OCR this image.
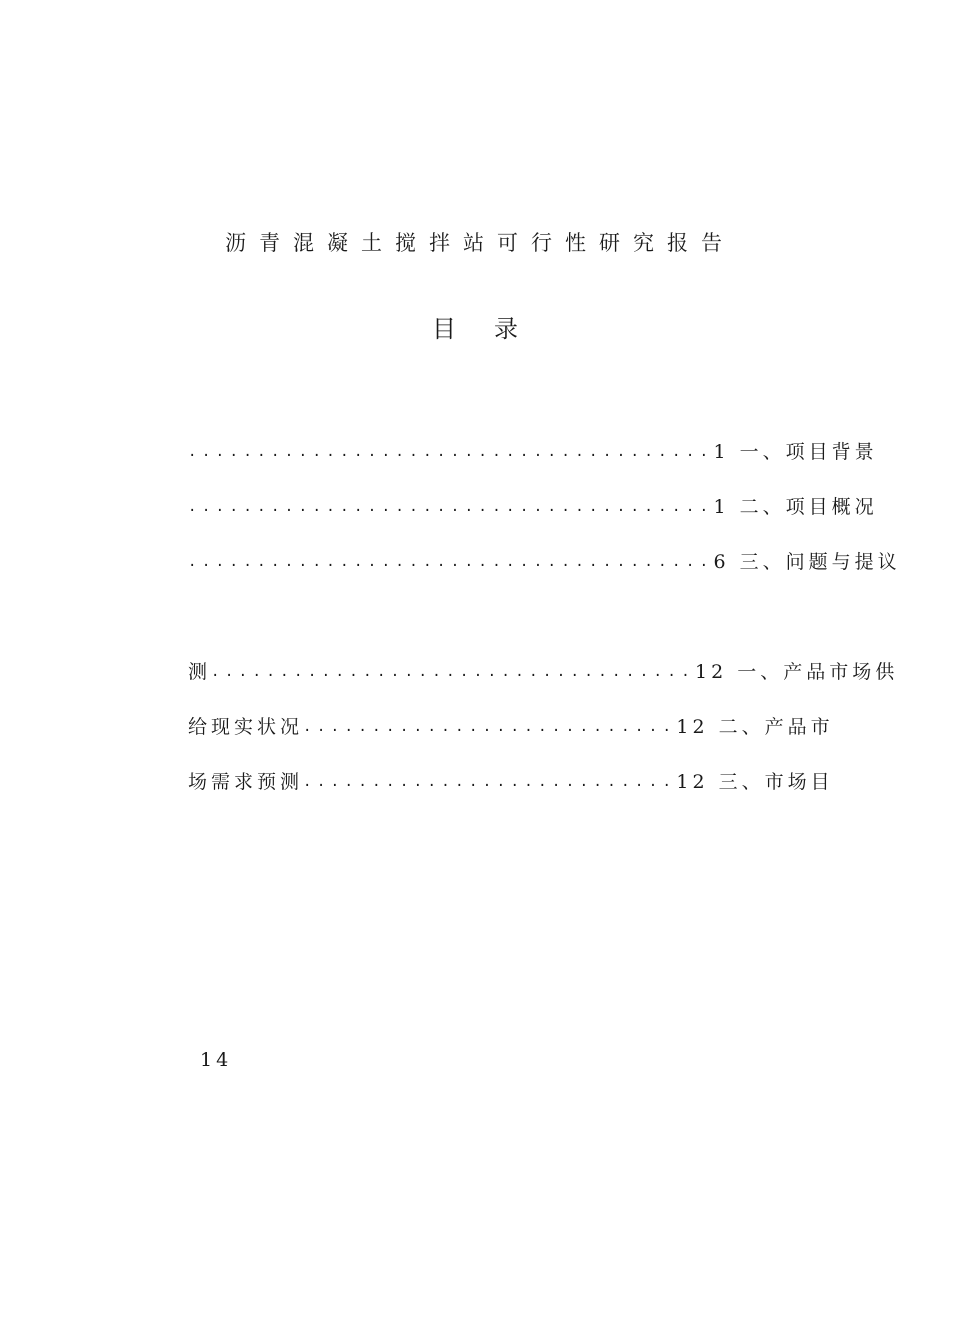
沥青混凝土搅拌站可行性研究报告
目录
...................................... 1 一、项目背景
...................................... 1 二、项目概况
...................................... 6 三、问题与提议
测 ................................... 12 一、产品市场供
给现实状况 ........................... 12 二、产品市
场需求预测 ........................... 12 三、市场目
14
